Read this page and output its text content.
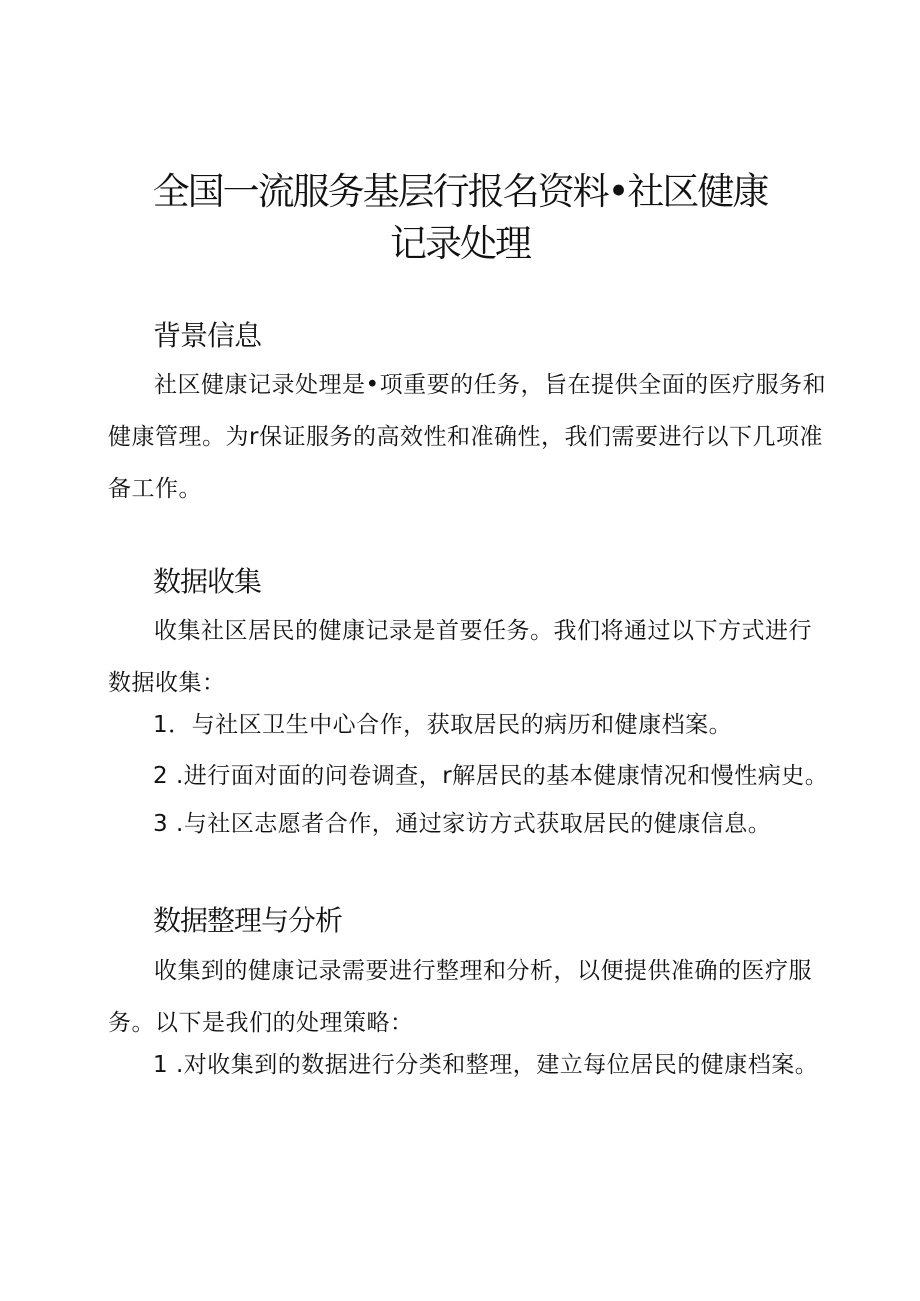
全国一流服务基层行报名资料•社区健康
记录处理
背景信息

社区健康记录处理是•项重要的任务，旨在提供全面的医疗服务和健康管理。为r保证服务的高效性和准确性，我们需要进行以下几项准备工作。

数据收集

收集社区居民的健康记录是首要任务。我们将通过以下方式进行数据收集：

1．与社区卫生中心合作，获取居民的病历和健康档案。
2 .进行面对面的问卷调查，r解居民的基本健康情况和慢性病史。
3 .与社区志愿者合作，通过家访方式获取居民的健康信息。
数据整理与分析

收集到的健康记录需要进行整理和分析，以便提供准确的医疗服务。以下是我们的处理策略：

1 .对收集到的数据进行分类和整理，建立每位居民的健康档案。
